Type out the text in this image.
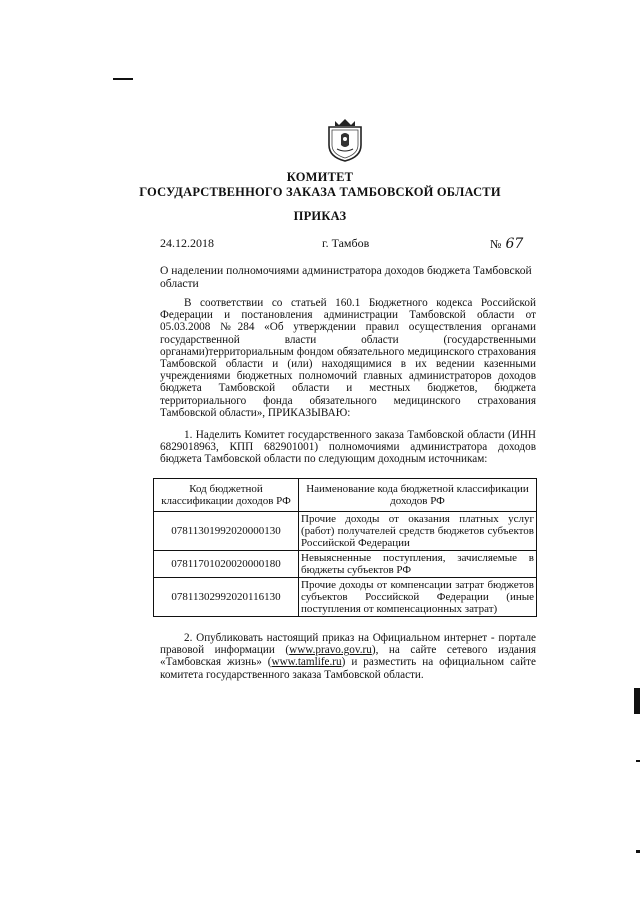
КОМИТЕТ
ГОСУДАРСТВЕННОГО ЗАКАЗА ТАМБОВСКОЙ ОБЛАСТИ
ПРИКАЗ
24.12.2018	г. Тамбов	№ 67
О наделении полномочиями администратора доходов бюджета Тамбовской области
В соответствии со статьей 160.1 Бюджетного кодекса Российской Федерации и постановления администрации Тамбовской области от 05.03.2008 №284 «Об утверждении правил осуществления органами государственной власти области (государственными органами)территориальным фондом обязательного медицинского страхования Тамбовской области и (или) находящимися в их ведении казенными учреждениями бюджетных полномочий главных администраторов доходов бюджета Тамбовской области и местных бюджетов, бюджета территориального фонда обязательного медицинского страхования Тамбовской области», ПРИКАЗЫВАЮ:
1. Наделить Комитет государственного заказа Тамбовской области (ИНН 6829018963, КПП 682901001) полномочиями администратора доходов бюджета Тамбовской области по следующим доходным источникам:
Код бюджетной классификации доходов РФ	Наименование кода бюджетной классификации доходов РФ
07811301992020000130	Прочие доходы от оказания платных услуг (работ) получателей средств бюджетов субъектов Российской Федерации
07811701020020000180	Невыясненные поступления, зачисляемые в бюджеты субъектов РФ
07811302992020116130	Прочие доходы от компенсации затрат бюджетов субъектов Российской Федерации (иные поступления от компенсационных затрат)
2. Опубликовать настоящий приказ на Официальном интернет - портале правовой информации (www.pravo.gov.ru), на сайте сетевого издания «Тамбовская жизнь» (www.tamlife.ru) и разместить на официальном сайте комитета государственного заказа Тамбовской области.
